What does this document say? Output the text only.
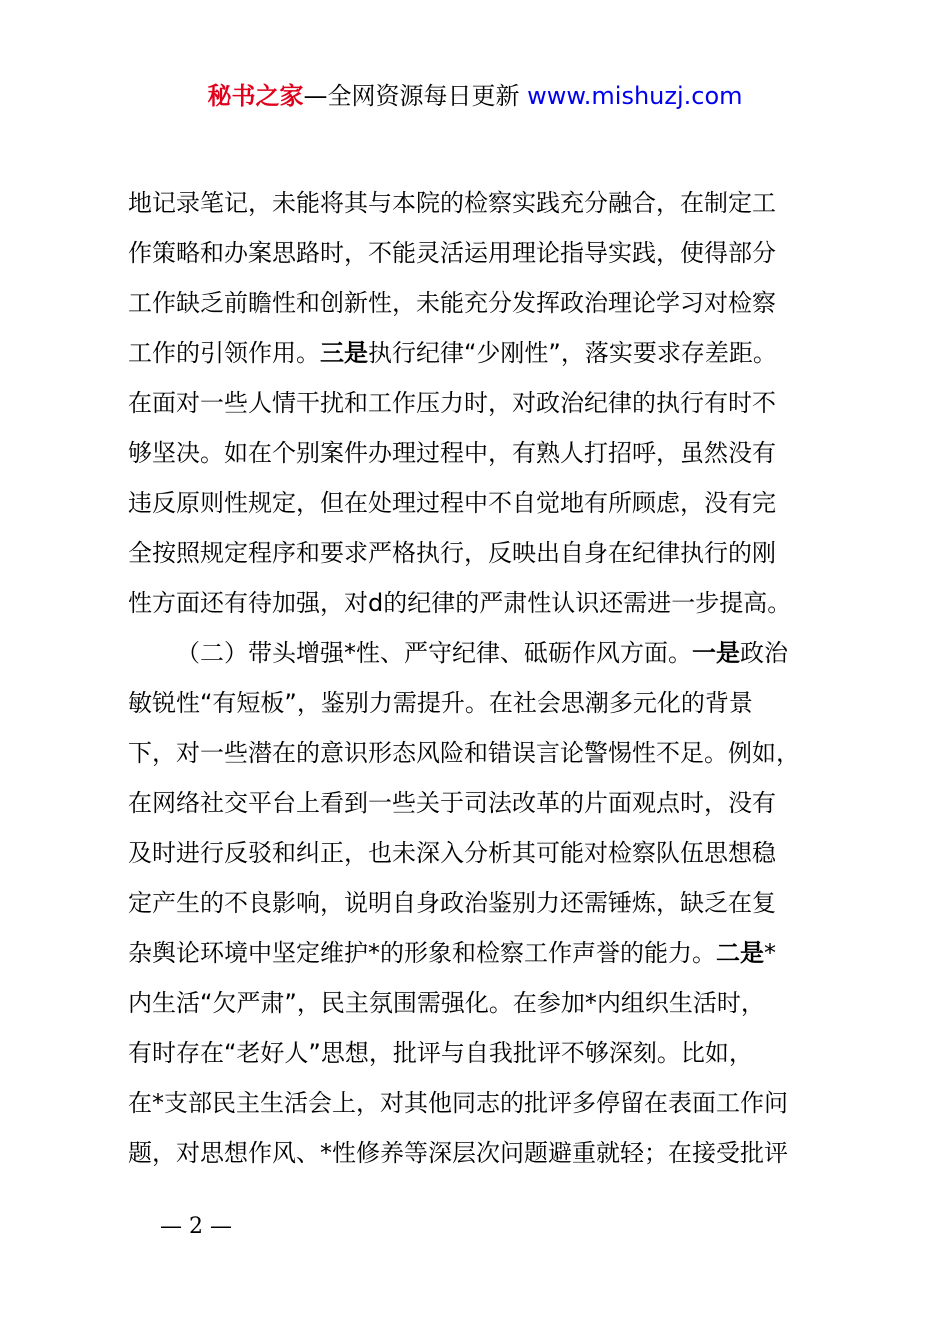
秘书之家—全网资源每日更新 www.mishuzj.com
地记录笔记，未能将其与本院的检察实践充分融合，在制定工
作策略和办案思路时，不能灵活运用理论指导实践，使得部分
工作缺乏前瞻性和创新性，未能充分发挥政治理论学习对检察
工作的引领作用。三是执行纪律“少刚性”，落实要求存差距。
在面对一些人情干扰和工作压力时，对政治纪律的执行有时不
够坚决。如在个别案件办理过程中，有熟人打招呼，虽然没有
违反原则性规定，但在处理过程中不自觉地有所顾虑，没有完
全按照规定程序和要求严格执行，反映出自身在纪律执行的刚
性方面还有待加强，对d的纪律的严肃性认识还需进一步提高。
（二）带头增强*性、严守纪律、砥砺作风方面。一是政治
敏锐性“有短板”，鉴别力需提升。在社会思潮多元化的背景
下，对一些潜在的意识形态风险和错误言论警惕性不足。例如，
在网络社交平台上看到一些关于司法改革的片面观点时，没有
及时进行反驳和纠正，也未深入分析其可能对检察队伍思想稳
定产生的不良影响，说明自身政治鉴别力还需锤炼，缺乏在复
杂舆论环境中坚定维护*的形象和检察工作声誉的能力。二是*
内生活“欠严肃”，民主氛围需强化。在参加*内组织生活时，
有时存在“老好人”思想，批评与自我批评不够深刻。比如，
在*支部民主生活会上，对其他同志的批评多停留在表面工作问
题，对思想作风、*性修养等深层次问题避重就轻；在接受批评
— 2 —
